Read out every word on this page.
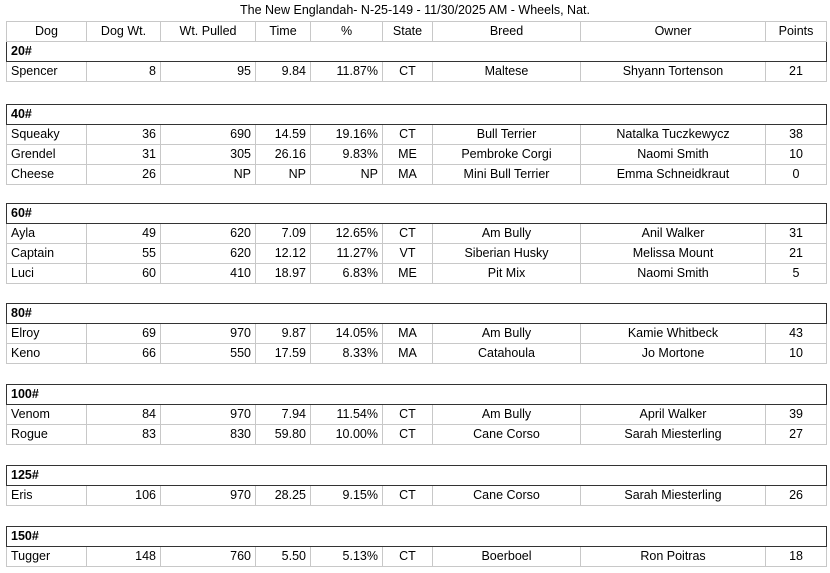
The New Englandah- N-25-149 - 11/30/2025 AM - Wheels, Nat.
Dog	Dog Wt.	Wt. Pulled	Time	%	State	Breed	Owner	Points
20#								
Spencer	8	95	9.84	11.87%	CT	Maltese	Shyann Tortenson	21
40#								
Squeaky	36	690	14.59	19.16%	CT	Bull Terrier	Natalka Tuczkewycz	38
Grendel	31	305	26.16	9.83%	ME	Pembroke Corgi	Naomi Smith	10
Cheese	26	NP	NP	NP	MA	Mini Bull Terrier	Emma Schneidkraut	0
60#								
Ayla	49	620	7.09	12.65%	CT	Am Bully	Anil Walker	31
Captain	55	620	12.12	11.27%	VT	Siberian Husky	Melissa Mount	21
Luci	60	410	18.97	6.83%	ME	Pit Mix	Naomi Smith	5
80#								
Elroy	69	970	9.87	14.05%	MA	Am Bully	Kamie Whitbeck	43
Keno	66	550	17.59	8.33%	MA	Catahoula	Jo Mortone	10
100#								
Venom	84	970	7.94	11.54%	CT	Am Bully	April Walker	39
Rogue	83	830	59.80	10.00%	CT	Cane Corso	Sarah Miesterling	27
125#
Eris	106	970	28.25	9.15%	CT	Cane Corso	Sarah Miesterling	26
150#
Tugger	148	760	5.50	5.13%	CT	Boerboel	Ron Poitras	18
